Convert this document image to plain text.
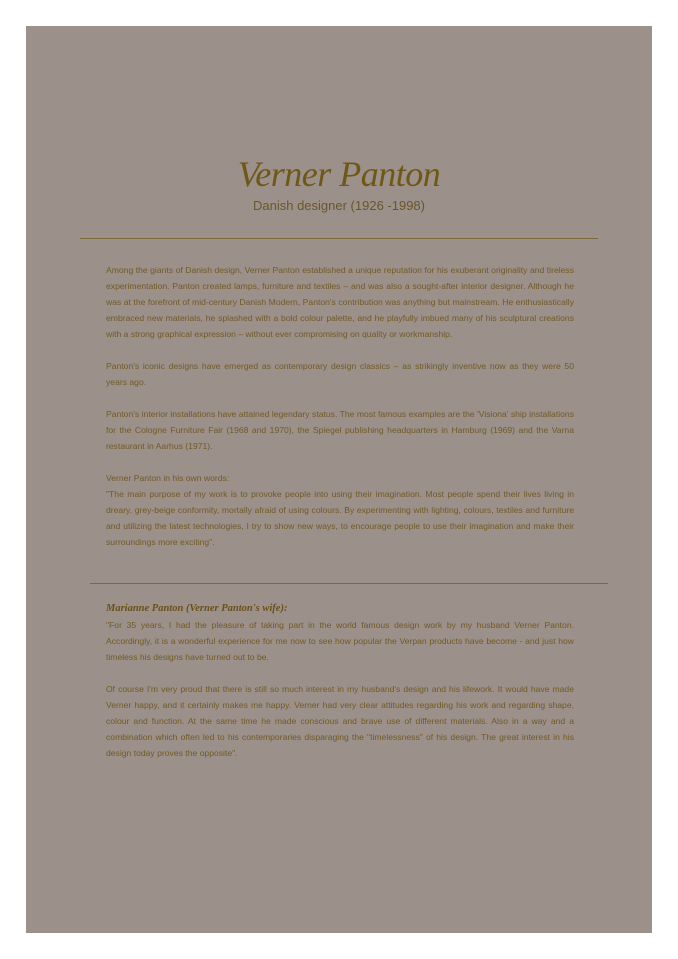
Verner Panton
Danish designer (1926 -1998)

Among the giants of Danish design, Verner Panton established a unique reputation for his exuberant originality and tireless experimentation. Panton created lamps, furniture and textiles – and was also a sought-after interior designer. Although he was at the forefront of mid-century Danish Modern, Panton's contribution was anything but mainstream. He enthusiastically embraced new materials, he splashed with a bold colour palette, and he playfully imbued many of his sculptural creations with a strong graphical expression – without ever compromising on quality or workmanship.

Panton's iconic designs have emerged as contemporary design classics – as strikingly inventive now as they were 50 years ago.

Panton's interior installations have attained legendary status. The most famous examples are the 'Visiona' ship installations for the Cologne Furniture Fair (1968 and 1970), the Spiegel publishing headquarters in Hamburg (1969) and the Varna restaurant in Aarhus (1971).

Verner Panton in his own words:
"The main purpose of my work is to provoke people into using their imagination. Most people spend their lives living in dreary, grey-beige conformity, mortally afraid of using colours. By experimenting with lighting, colours, textiles and furniture and utilizing the latest technologies, I try to show new ways, to encourage people to use their imagination and make their surroundings more exciting".

Marianne Panton (Verner Panton's wife):
"For 35 years, I had the pleasure of taking part in the world famous design work by my husband Verner Panton. Accordingly, it is a wonderful experience for me now to see how popular the Verpan products have become - and just how timeless his designs have turned out to be.

Of course I'm very proud that there is still so much interest in my husband's design and his lifework. It would have made Verner happy, and it certainly makes me happy. Verner had very clear attitudes regarding his work and regarding shape, colour and function. At the same time he made conscious and brave use of different materials. Also in a way and a combination which often led to his contemporaries disparaging the "timelessness" of his design. The great interest in his design today proves the opposite".
